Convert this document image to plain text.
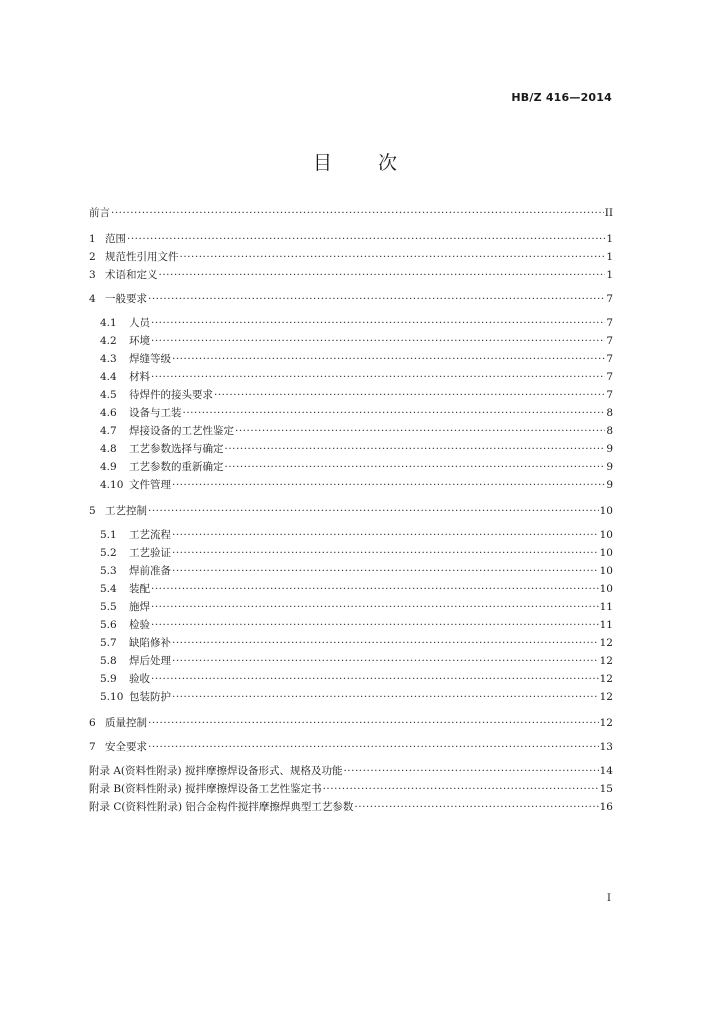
HB/Z 416—2014
目 次
前言 ·····	II
1 范围 ·····	1
2 规范性引用文件 ·····	1
3 术语和定义 ·····	1
4 一般要求 ·····	7
4.1	人员 ·····	7
4.2	环境 ·····	7
4.3	焊缝等级 ·····	7
4.4	材料 ·····	7
4.5	待焊件的接头要求 ·····	7
4.6	设备与工装 ·····	8
4.7	焊接设备的工艺性鉴定 ·····	8
4.8	工艺参数选择与确定 ·····	9
4.9	工艺参数的重新确定 ·····	9
4.10 文件管理 ·····	9
5 工艺控制 ·····	10
5.1	工艺流程 ·····	10
5.2	工艺验证 ·····	10
5.3	焊前准备 ·····	10
5.4	装配 ·····	10
5.5	施焊 ·····	11
5.6	检验 ·····	11
5.7	缺陷修补 ·····	12
5.8	焊后处理 ·····	12
5.9	验收 ·····	12
5.10 包装防护 ·····	12
6 质量控制 ·····	12
7 安全要求 ·····	13
附录 A(资料性附录) 搅拌摩擦焊设备形式、规格及功能 ·····	14
附录 B(资料性附录) 搅拌摩擦焊设备工艺性鉴定书 ·····	15
附录 C(资料性附录) 铝合金构件搅拌摩擦焊典型工艺参数 ·····	16
I
